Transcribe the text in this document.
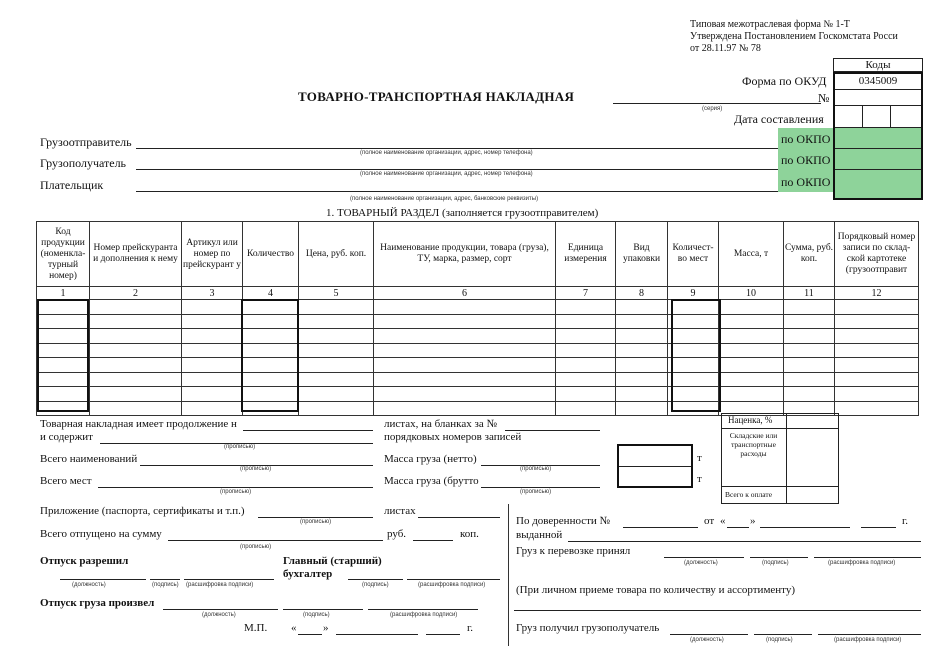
Типовая межотраслевая форма № 1-Т
Утверждена Постановлением Госкомстата Росси
от 28.11.97 № 78
Коды
0345009
Форма по ОКУД
№
Дата составления
ТОВАРНО-ТРАНСПОРТНАЯ НАКЛАДНАЯ
(серия)
Грузоотправитель
(полное наименование организации, адрес, номер телефона)
Грузополучатель
(полное наименование организации, адрес, номер телефона)
Плательщик
(полное наименование организации, адрес, банковские реквизиты)
по ОКПО
по ОКПО
по ОКПО
1. ТОВАРНЫЙ РАЗДЕЛ (заполняется грузоотправителем)
Код продукции (номенкла-турный номер)	Номер прейскуранта и дополнения к нему	Артикул или номер по прейскурант у	Количество	Цена, руб. коп.	Наименование продукции, товара (груза), ТУ, марка, размер, сорт	Единица измерения	Вид упаковки	Количест-во мест	Масса, т	Сумма, руб. коп.	Порядковый номер записи по склад-ской картотеке (грузоотправит
1	2	3	4	5	6	7	8	9	10	11	12

Товарная накладная имеет продолжение н	листах, на бланках за №
и содержит
(прописью)
порядковых номеров записей
Всего наименований
(прописью)
Масса груза (нетто)
(прописью)
Всего мест
(прописью)
Масса груза (брутто
(прописью)
т
т
Наценка, %
Складские или транспортные расходы
Всего к оплате
Приложение (паспорта, сертификаты и т.п.)
(прописью)
листах
Всего отпущено на сумму
(прописью)
руб.	коп.
Отпуск разрешил
(должность)	(подпись) (расшифровка подписи)
Главный (старший)
бухгалтер
(подпись)	(расшифровка подписи)
Отпуск груза произвел
(должность)	(подпись)	(расшифровка подписи)
М.П. « »	г.
По доверенности №	от « »	г.
выданной
Груз к перевозке принял
(должность)	(подпись)	(расшифровка подписи)
(При личном приеме товара по количеству и ассортименту)
Груз получил грузополучатель
(должность)	(подпись)	(расшифровка подписи)
